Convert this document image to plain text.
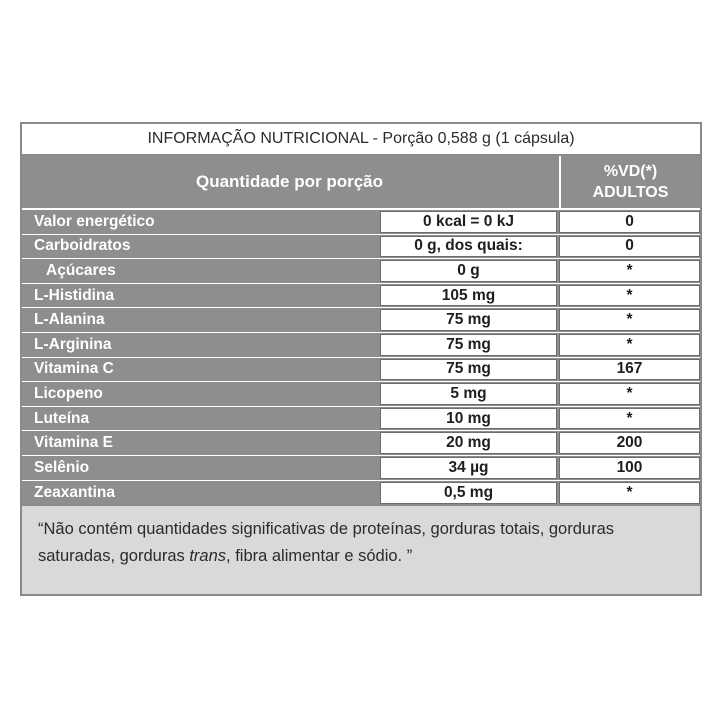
INFORMAÇÃO NUTRICIONAL - Porção 0,588 g (1 cápsula)
Quantidade por porção
%VD(*)
ADULTOS
Valor energético	0 kcal = 0 kJ	0
Carboidratos	0 g, dos quais:	0
Açúcares	0 g	*
L-Histidina	105 mg	*
L-Alanina	75 mg	*
L-Arginina	75 mg	*
Vitamina C	75 mg	167
Licopeno	5 mg	*
Luteína	10 mg	*
Vitamina E	20 mg	200
Selênio	34 µg	100
Zeaxantina	0,5 mg	*
“Não contém quantidades significativas de proteínas, gorduras totais, gorduras saturadas, gorduras trans, fibra alimentar e sódio. ”
